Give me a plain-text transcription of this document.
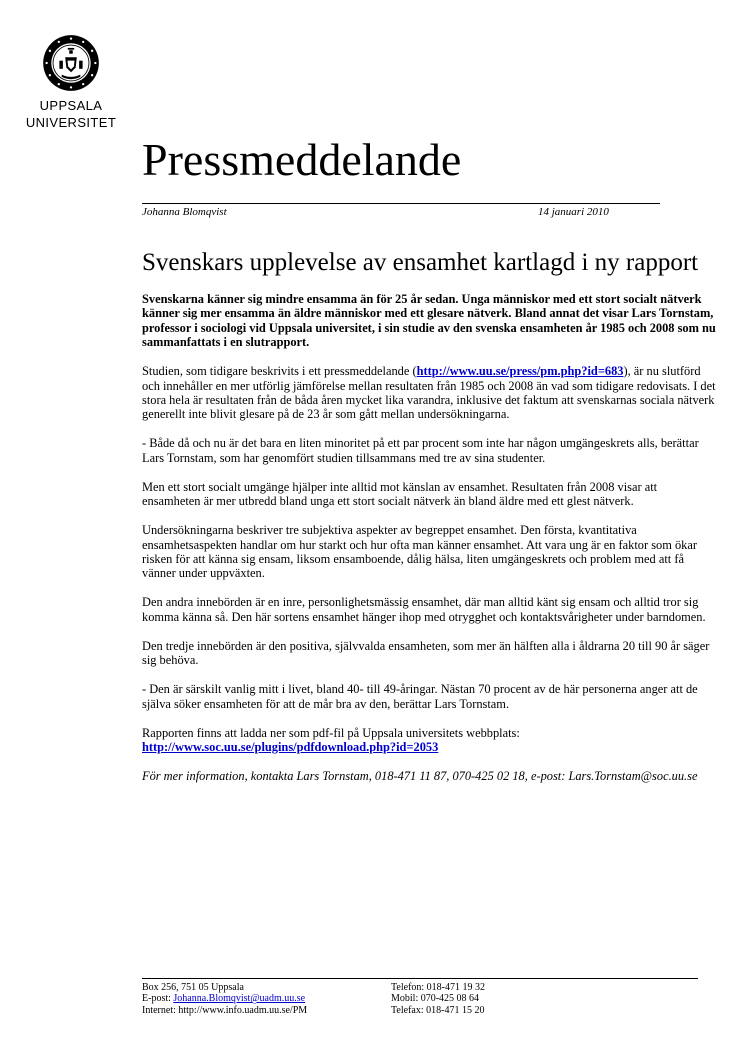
UPPSALA
UNIVERSITET
Pressmeddelande
Johanna Blomqvist	14 januari 2010
Svenskars upplevelse av ensamhet kartlagd i ny rapport

Svenskarna känner sig mindre ensamma än för 25 år sedan. Unga människor med ett stort socialt nätverk känner sig mer ensamma än äldre människor med ett glesare nätverk. Bland annat det visar Lars Tornstam, professor i sociologi vid Uppsala universitet, i sin studie av den svenska ensamheten år 1985 och 2008 som nu sammanfattats i en slutrapport.

Studien, som tidigare beskrivits i ett pressmeddelande (http://www.uu.se/press/pm.php?id=683), är nu slutförd och innehåller en mer utförlig jämförelse mellan resultaten från 1985 och 2008 än vad som tidigare redovisats. I det stora hela är resultaten från de båda åren mycket lika varandra, inklusive det faktum att svenskarnas sociala nätverk generellt inte blivit glesare på de 23 år som gått mellan undersökningarna.

- Både då och nu är det bara en liten minoritet på ett par procent som inte har någon umgängeskrets alls, berättar Lars Tornstam, som har genomfört studien tillsammans med tre av sina studenter.

Men ett stort socialt umgänge hjälper inte alltid mot känslan av ensamhet. Resultaten från 2008 visar att ensamheten är mer utbredd bland unga ett stort socialt nätverk än bland äldre med ett glest nätverk.

Undersökningarna beskriver tre subjektiva aspekter av begreppet ensamhet. Den första, kvantitativa ensamhetsaspekten handlar om hur starkt och hur ofta man känner ensamhet. Att vara ung är en faktor som ökar risken för att känna sig ensam, liksom ensamboende, dålig hälsa, liten umgängeskrets och problem med att få vänner under uppväxten.

Den andra innebörden är en inre, personlighetsmässig ensamhet, där man alltid känt sig ensam och alltid tror sig komma känna så. Den här sortens ensamhet hänger ihop med otrygghet och kontaktsvårigheter under barndomen.

Den tredje innebörden är den positiva, självvalda ensamheten, som mer än hälften alla i åldrarna 20 till 90 år säger sig behöva.

- Den är särskilt vanlig mitt i livet, bland 40- till 49-åringar. Nästan 70 procent av de här personerna anger att de själva söker ensamheten för att de mår bra av den, berättar Lars Tornstam.

Rapporten finns att ladda ner som pdf-fil på Uppsala universitets webbplats:
http://www.soc.uu.se/plugins/pdfdownload.php?id=2053

För mer information, kontakta Lars Tornstam, 018-471 11 87, 070-425 02 18, e-post: Lars.Tornstam@soc.uu.se

Box 256, 751 05 Uppsala
E-post: Johanna.Blomqvist@uadm.uu.se
Internet: http://www.info.uadm.uu.se/PM
Telefon: 018-471 19 32
Mobil: 070-425 08 64
Telefax: 018-471 15 20
